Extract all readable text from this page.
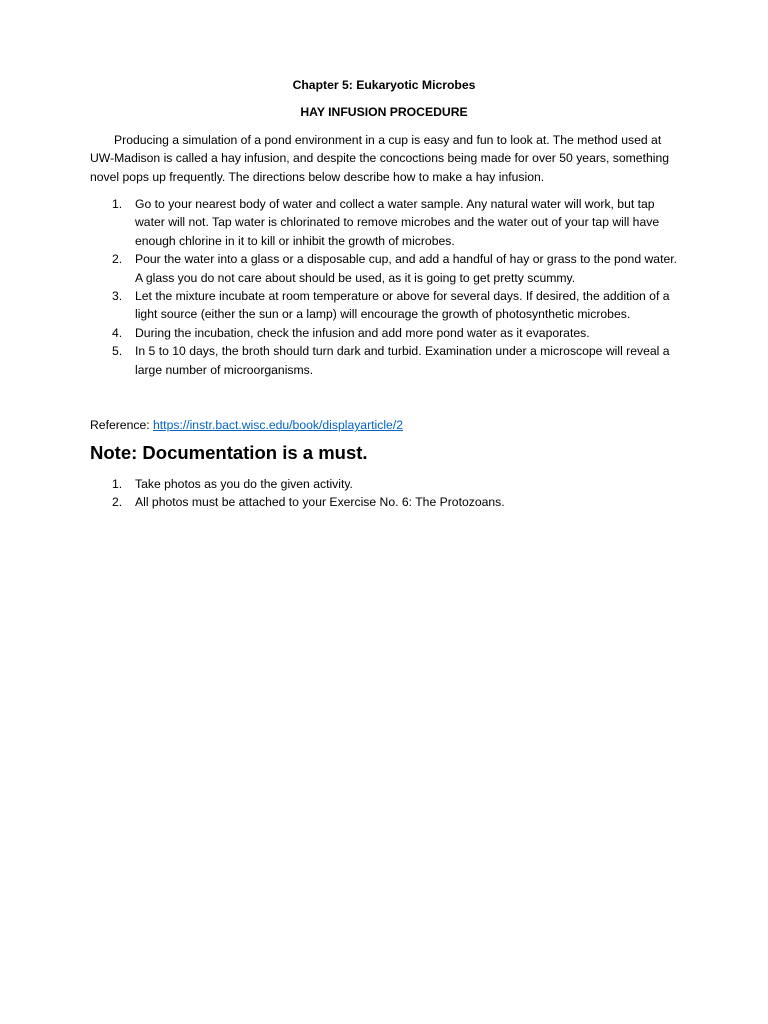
Chapter 5: Eukaryotic Microbes

HAY INFUSION PROCEDURE

Producing a simulation of a pond environment in a cup is easy and fun to look at. The method used at UW-Madison is called a hay infusion, and despite the concoctions being made for over 50 years, something novel pops up frequently. The directions below describe how to make a hay infusion.

1. Go to your nearest body of water and collect a water sample. Any natural water will work, but tap water will not. Tap water is chlorinated to remove microbes and the water out of your tap will have enough chlorine in it to kill or inhibit the growth of microbes.
2. Pour the water into a glass or a disposable cup, and add a handful of hay or grass to the pond water. A glass you do not care about should be used, as it is going to get pretty scummy.
3. Let the mixture incubate at room temperature or above for several days. If desired, the addition of a light source (either the sun or a lamp) will encourage the growth of photosynthetic microbes.
4. During the incubation, check the infusion and add more pond water as it evaporates.
5. In 5 to 10 days, the broth should turn dark and turbid. Examination under a microscope will reveal a large number of microorganisms.

Reference: https://instr.bact.wisc.edu/book/displayarticle/2

Note: Documentation is a must.

1. Take photos as you do the given activity.
2. All photos must be attached to your Exercise No. 6: The Protozoans.
